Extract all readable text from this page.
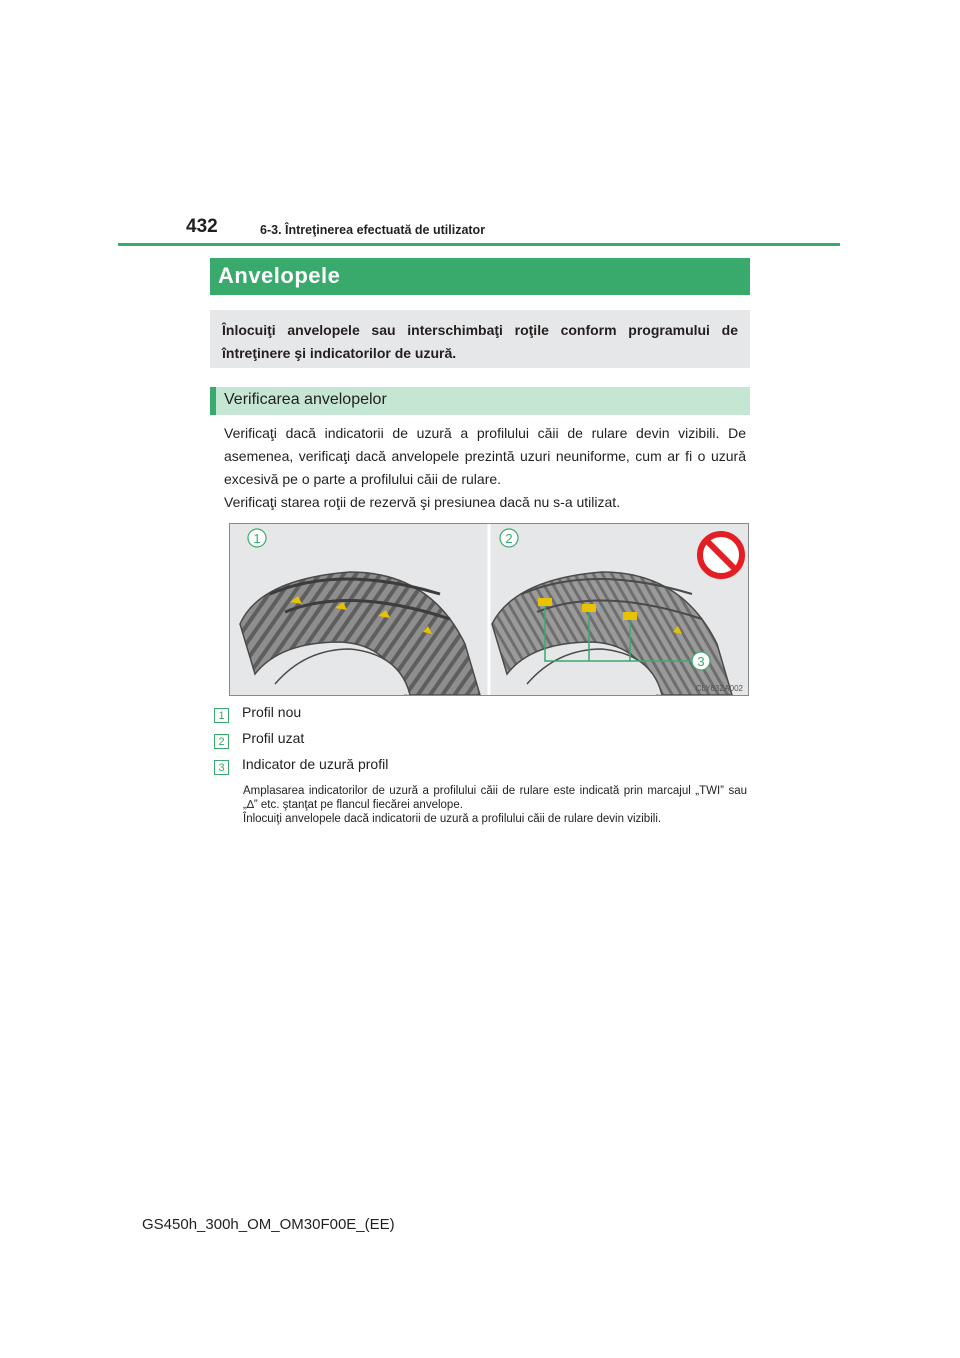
432	6-3. Întreţinerea efectuată de utilizator
Anvelopele
Înlocuiţi anvelopele sau interschimbaţi roţile conform programului de întreţinere şi indicatorilor de uzură.
Verificarea anvelopelor

Verificaţi dacă indicatorii de uzură a profilului căii de rulare devin vizibili. De asemenea, verificaţi dacă anvelopele prezintă uzuri neuniforme, cum ar fi o uzură excesivă pe o parte a profilului căii de rulare.

Verificaţi starea roţii de rezervă şi presiunea dacă nu s-a utilizat.

1	2
3
CLY63ZA002
1 Profil nou
2 Profil uzat
3 Indicator de uzură profil

Amplasarea indicatorilor de uzură a profilului căii de rulare este indicată prin marcajul „TWI” sau „∆” etc. ştanţat pe flancul fiecărei anvelope.

Înlocuiţi anvelopele dacă indicatorii de uzură a profilului căii de rulare devin vizibili.

GS450h_300h_OM_OM30F00E_(EE)
